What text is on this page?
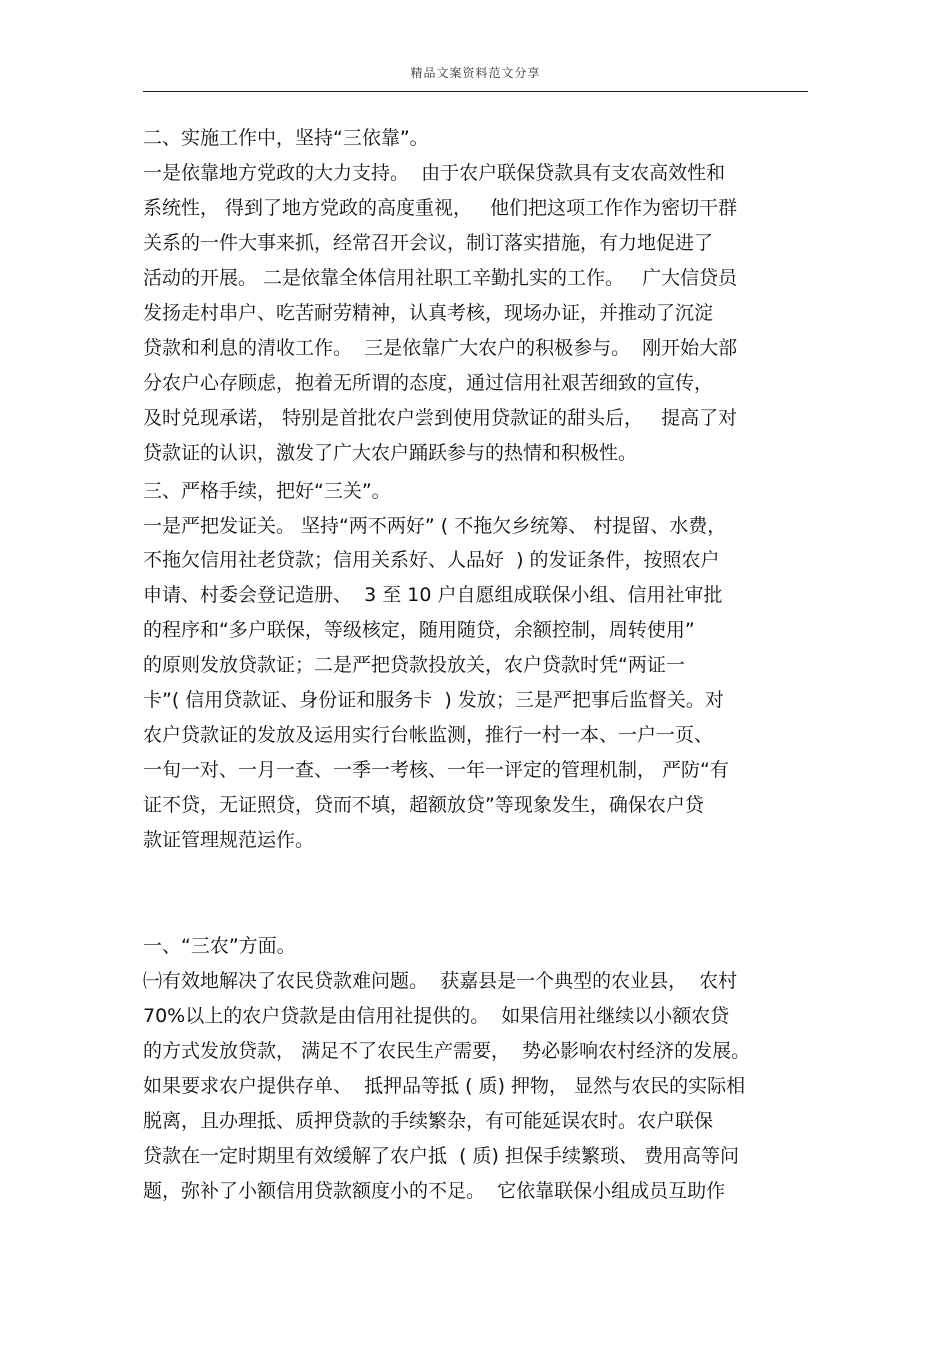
精品文案资料范文分享
二、实施工作中，坚持“三依靠”。
一是依靠地方党政的大力支持。  由于农户联保贷款具有支农高效性和
系统性， 得到了地方党政的高度重视，   他们把这项工作作为密切干群
关系的一件大事来抓，经常召开会议，制订落实措施，有力地促进了
活动的开展。 二是依靠全体信用社职工辛勤扎实的工作。   广大信贷员
发扬走村串户、吃苦耐劳精神，认真考核，现场办证，并推动了沉淀
贷款和利息的清收工作。  三是依靠广大农户的积极参与。  刚开始大部
分农户心存顾虑，抱着无所谓的态度，通过信用社艰苦细致的宣传，
及时兑现承诺， 特别是首批农户尝到使用贷款证的甜头后，   提高了对
贷款证的认识，激发了广大农户踊跃参与的热情和积极性。
三、严格手续，把好“三关”。
一是严把发证关。 坚持“两不两好” ( 不拖欠乡统筹、 村提留、水费，
不拖欠信用社老贷款；信用关系好、人品好  ) 的发证条件，按照农户
申请、村委会登记造册、  3 至 10 户自愿组成联保小组、信用社审批
的程序和“多户联保，等级核定，随用随贷，余额控制，周转使用”
的原则发放贷款证；二是严把贷款投放关，农户贷款时凭“两证一
卡”( 信用贷款证、身份证和服务卡  ) 发放；三是严把事后监督关。对
农户贷款证的发放及运用实行台帐监测，推行一村一本、一户一页、
一旬一对、一月一查、一季一考核、一年一评定的管理机制， 严防“有
证不贷，无证照贷，贷而不填，超额放贷”等现象发生，确保农户贷
款证管理规范运作。
一、“三农”方面。
㈠有效地解决了农民贷款难问题。  获嘉县是一个典型的农业县，  农村
70%以上的农户贷款是由信用社提供的。  如果信用社继续以小额农贷
的方式发放贷款， 满足不了农民生产需要，  势必影响农村经济的发展。
如果要求农户提供存单、  抵押品等抵 ( 质) 押物， 显然与农民的实际相
脱离，且办理抵、质押贷款的手续繁杂，有可能延误农时。农户联保
贷款在一定时期里有效缓解了农户抵  ( 质) 担保手续繁琐、 费用高等问
题，弥补了小额信用贷款额度小的不足。  它依靠联保小组成员互助作
